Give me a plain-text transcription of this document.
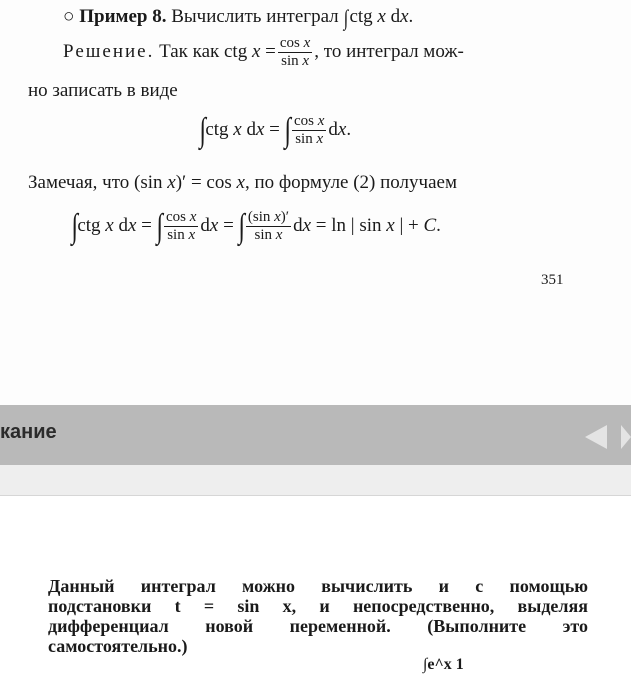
○ Пример 8. Вычислить интеграл ∫ctg x dx.
Решение. Так как ctg $x = \frac{\text{cos x}}{\text{sin x}}$ , то интеграл мож-
но записать в виде
∫ctg x dx = ∫ $\frac{\text{cos x}}{\text{sin x}}$ dx.
Замечая, что (sin x)′ = cos x, по формуле (2) получаем
∫ctg x dx = ∫ $\frac{\text{cos x}}{\text{sin x}}$ dx = ∫ $\frac{\text{(sin x)′}}{\text{sin x}}$ dx = ln | sin x | + C.
351
кание
Данный интеграл можно вычислить и с помощью
подстановки t = sin x, и непосредственно, выделяя
дифференциал новой переменной. (Выполните это
самостоятельно.)
∫e^x 1
